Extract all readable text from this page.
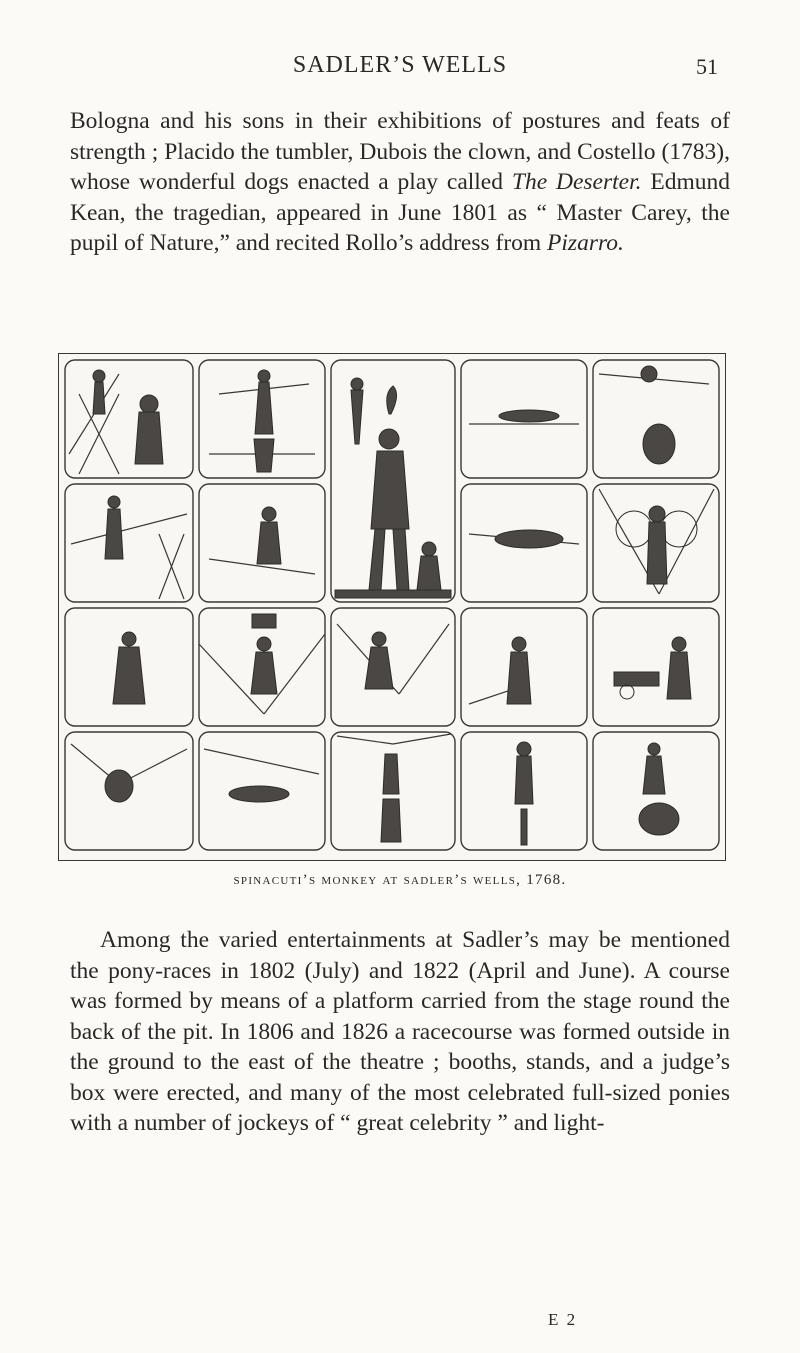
SADLER’S WELLS	51

Bologna and his sons in their exhibitions of postures and feats of strength ; Placido the tumbler, Dubois the clown, and Costello (1783), whose wonderful dogs enacted a play called The Deserter. Edmund Kean, the tragedian, appeared in June 1801 as “ Master Carey, the pupil of Nature,” and recited Rollo’s address from Pizarro.

spinacuti’s monkey at sadler’s wells, 1768.

Among the varied entertainments at Sadler’s may be mentioned the pony-races in 1802 (July) and 1822 (April and June). A course was formed by means of a platform carried from the stage round the back of the pit. In 1806 and 1826 a racecourse was formed outside in the ground to the east of the theatre ; booths, stands, and a judge’s box were erected, and many of the most celebrated full-sized ponies with a number of jockeys of “ great celebrity ” and light-

E 2
